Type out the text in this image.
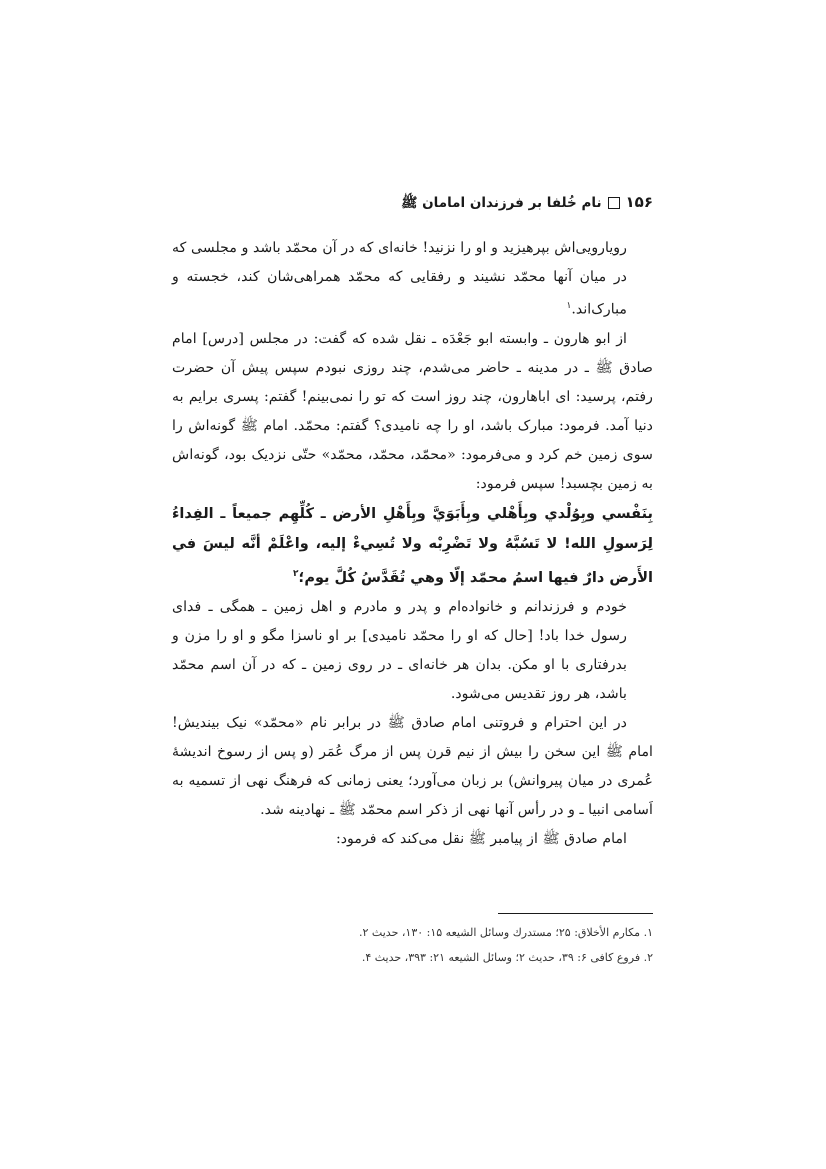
۱۵۶نام خُلفا بر فرزندان امامان ﷺ

رویارویی‌اش بپرهیزید و او را نزنید! خانه‌ای که در آن محمّد باشد و مجلسی که در میان آنها محمّد نشیند و رفقایی که محمّد همراهی‌شان کند، خجسته و مبارک‌اند.$^۱$

از ابو هارون ـ وابسته ابو جَعْدَه ـ نقل شده که گفت: در مجلس [درس] امام صادق ﷺ ـ در مدینه ـ حاضر می‌شدم، چند روزی نبودم سپس پیش آن حضرت رفتم، پرسید: ای اباهارون، چند روز است که تو را نمی‌بینم! گفتم: پسری برایم به دنیا آمد. فرمود: مبارک باشد، او را چه نامیدی؟ گفتم: محمّد. امام ﷺ گونه‌اش را سوی زمین خم کرد و می‌فرمود: «محمّد، محمّد، محمّد» حتّی نزدیک بود، گونه‌اش به زمین بچسبد! سپس فرمود:

بِنَفْسي وبِوُلْدي وبِأَهْلي وبِأَبَوَيَّ وبِأَهْلِ الأرض ـ كُلِّهِم جميعاً ـ الفِداءُ لِرَسولِ الله! لا تَسُبَّهُ ولا تَضْرِبْه ولا تُسِيءْ إليه، واعْلَمْ أنَّه ليسَ في الأَرض دارٌ فيها اسمُ محمّد إلّا وهي تُقَدَّسُ كُلَّ يوم؛$^۲$

خودم و فرزندانم و خانواده‌ام و پدر و مادرم و اهل زمین ـ همگی ـ فدای رسول خدا باد! [حال که او را محمّد نامیدی] بر او ناسزا مگو و او را مزن و بدرفتاری با او مکن. بدان هر خانه‌ای ـ در روی زمین ـ که در آن اسم محمّد باشد، هر روز تقدیس می‌شود.

در این احترام و فروتنی امام صادق ﷺ در برابر نام «محمّد» نیک بیندیش! امام ﷺ این سخن را بیش از نیم قرن پس از مرگ عُمَر (و پس از رسوخ اندیشهٔ عُمری در میان پیروانش) بر زبان می‌آورد؛ یعنی زمانی که فرهنگ نهی از تسمیه به اَسامی انبیا ـ و در رأس آنها نهی از ذکر اسم محمّد ﷺ ـ نهادینه شد.

امام صادق ﷺ از پیامبر ﷺ نقل می‌کند که فرمود:

۱. مکارم الأخلاق: ۲۵؛ مستدرك وسائل الشيعه ۱۵: ۱۳۰، حديث ۲.

۲. فروع کافی ۶: ۳۹، حدیث ۲؛ وسائل الشیعه ۲۱: ۳۹۳، حدیث ۴.
